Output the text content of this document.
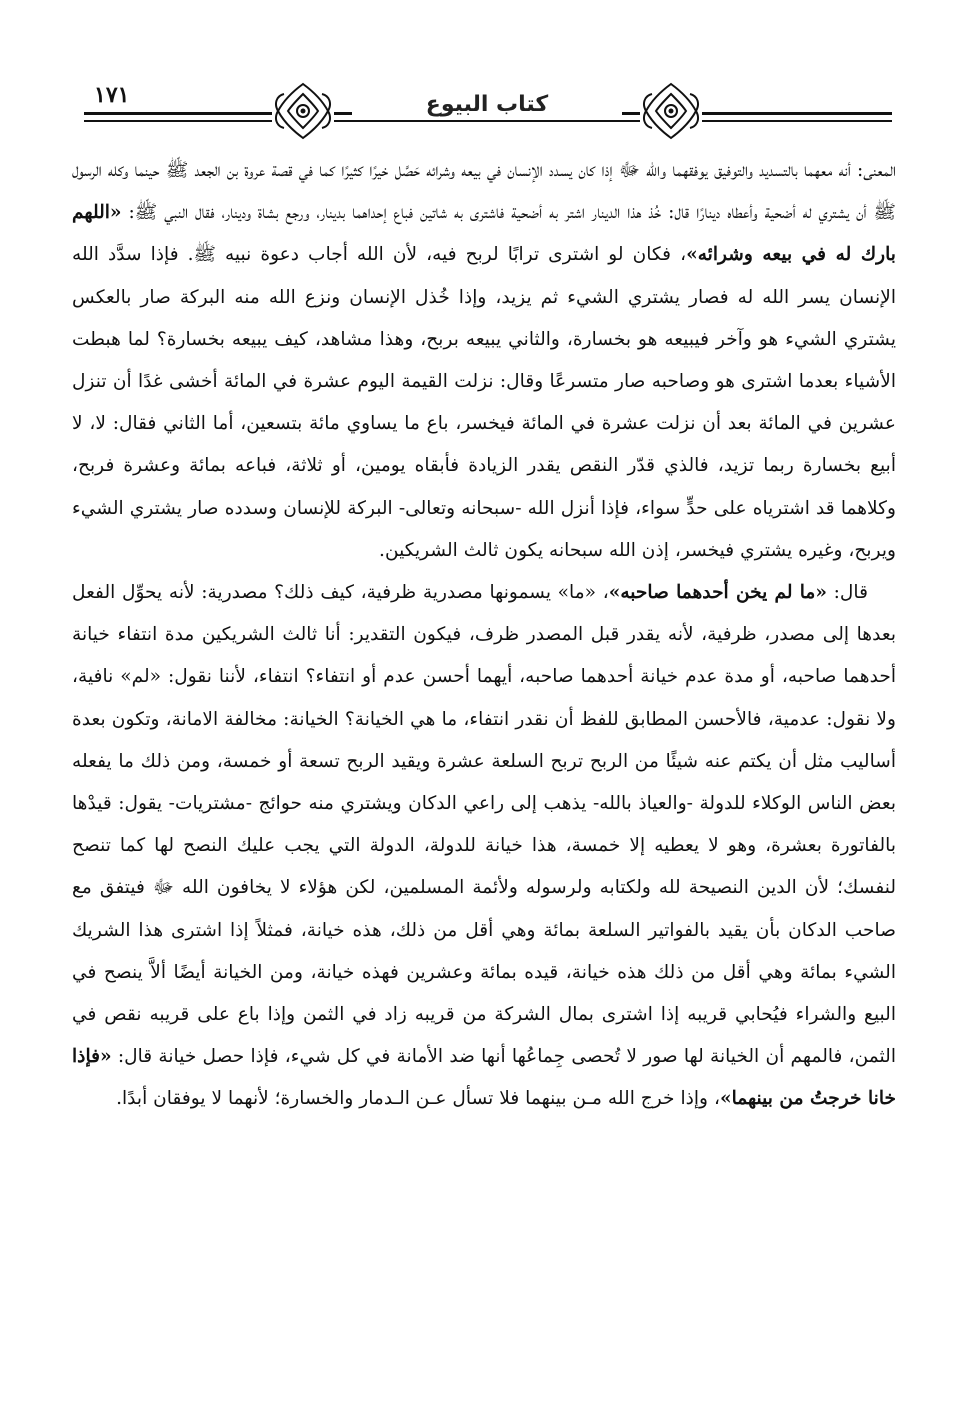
١٧١	كتاب البيوع

المعنى: أنه معهما بالتسديد والتوفيق يوفقهما والله ﷻ إذا كان يسدد الإنسان في بيعه وشرائه حَصَّل خيرًا كثيرًا كما في قصة عروة بن الجعد ﷺ حينما وكله الرسول ﷺ أن يشتري له أضحية وأعطاه دينارًا قال: خُذ هذا الدينار اشتر به أضحية فاشترى به شاتين فباع إحداهما بدينار، ورجع بشاة ودينار، فقال النبي ﷺ: «اللهم بارك له في بيعه وشرائه»، فكان لو اشترى ترابًا لربح فيه، لأن الله أجاب دعوة نبيه ﷺ. فإذا سدَّد الله الإنسان يسر الله له فصار يشتري الشيء ثم يزيد، وإذا خُذل الإنسان ونزع الله منه البركة صار بالعكس يشتري الشيء هو وآخر فيبيعه هو بخسارة، والثاني يبيعه بربح، وهذا مشاهد، كيف يبيعه بخسارة؟ لما هبطت الأشياء بعدما اشترى هو وصاحبه صار متسرعًا وقال: نزلت القيمة اليوم عشرة في المائة أخشى غدًا أن تنزل عشرين في المائة بعد أن نزلت عشرة في المائة فيخسر، باع ما يساوي مائة بتسعين، أما الثاني فقال: لا، لا أبيع بخسارة ربما تزيد، فالذي قدّر النقص يقدر الزيادة فأبقاه يومين، أو ثلاثة، فباعه بمائة وعشرة فربح، وكلاهما قد اشترياه على حدٍّ سواء، فإذا أنزل الله -سبحانه وتعالى- البركة للإنسان وسدده صار يشتري الشيء ويربح، وغيره يشتري فيخسر، إذن الله سبحانه يكون ثالث الشريكين.

قال: «ما لم يخن أحدهما صاحبه»، «ما» يسمونها مصدرية ظرفية، كيف ذلك؟ مصدرية: لأنه يحوِّل الفعل بعدها إلى مصدر، ظرفية، لأنه يقدر قبل المصدر ظرف، فيكون التقدير: أنا ثالث الشريكين مدة انتفاء خيانة أحدهما صاحبه، أو مدة عدم خيانة أحدهما صاحبه، أيهما أحسن عدم أو انتفاء؟ انتفاء، لأننا نقول: «لم» نافية، ولا نقول: عدمية، فالأحسن المطابق للفظ أن نقدر انتفاء، ما هي الخيانة؟ الخيانة: مخالفة الامانة، وتكون بعدة أساليب مثل أن يكتم عنه شيئًا من الربح تربح السلعة عشرة ويقيد الربح تسعة أو خمسة، ومن ذلك ما يفعله بعض الناس الوكلاء للدولة -والعياذ بالله- يذهب إلى راعي الدكان ويشتري منه حوائج -مشتريات- يقول: قيدْها بالفاتورة بعشرة، وهو لا يعطيه إلا خمسة، هذا خيانة للدولة، الدولة التي يجب عليك النصح لها كما تنصح لنفسك؛ لأن الدين النصيحة لله ولكتابه ولرسوله ولأئمة المسلمين، لكن هؤلاء لا يخافون الله ﷻ فيتفق مع صاحب الدكان بأن يقيد بالفواتير السلعة بمائة وهي أقل من ذلك، هذه خيانة، فمثلاً إذا اشترى هذا الشريك الشيء بمائة وهي أقل من ذلك هذه خيانة، قيده بمائة وعشرين فهذه خيانة، ومن الخيانة أيضًا ألاَّ ينصح في البيع والشراء فيُحابي قريبه إذا اشترى بمال الشركة من قريبه زاد في الثمن وإذا باع على قريبه نقص في الثمن، فالمهم أن الخيانة لها صور لا تُحصى جِماعُها أنها ضد الأمانة في كل شيء، فإذا حصل خيانة قال: «فإذا خانا خرجتُ من بينهما»، وإذا خرج الله مـن بينهما فلا تسأل عـن الـدمار والخسارة؛ لأنهما لا يوفقان أبدًا.
